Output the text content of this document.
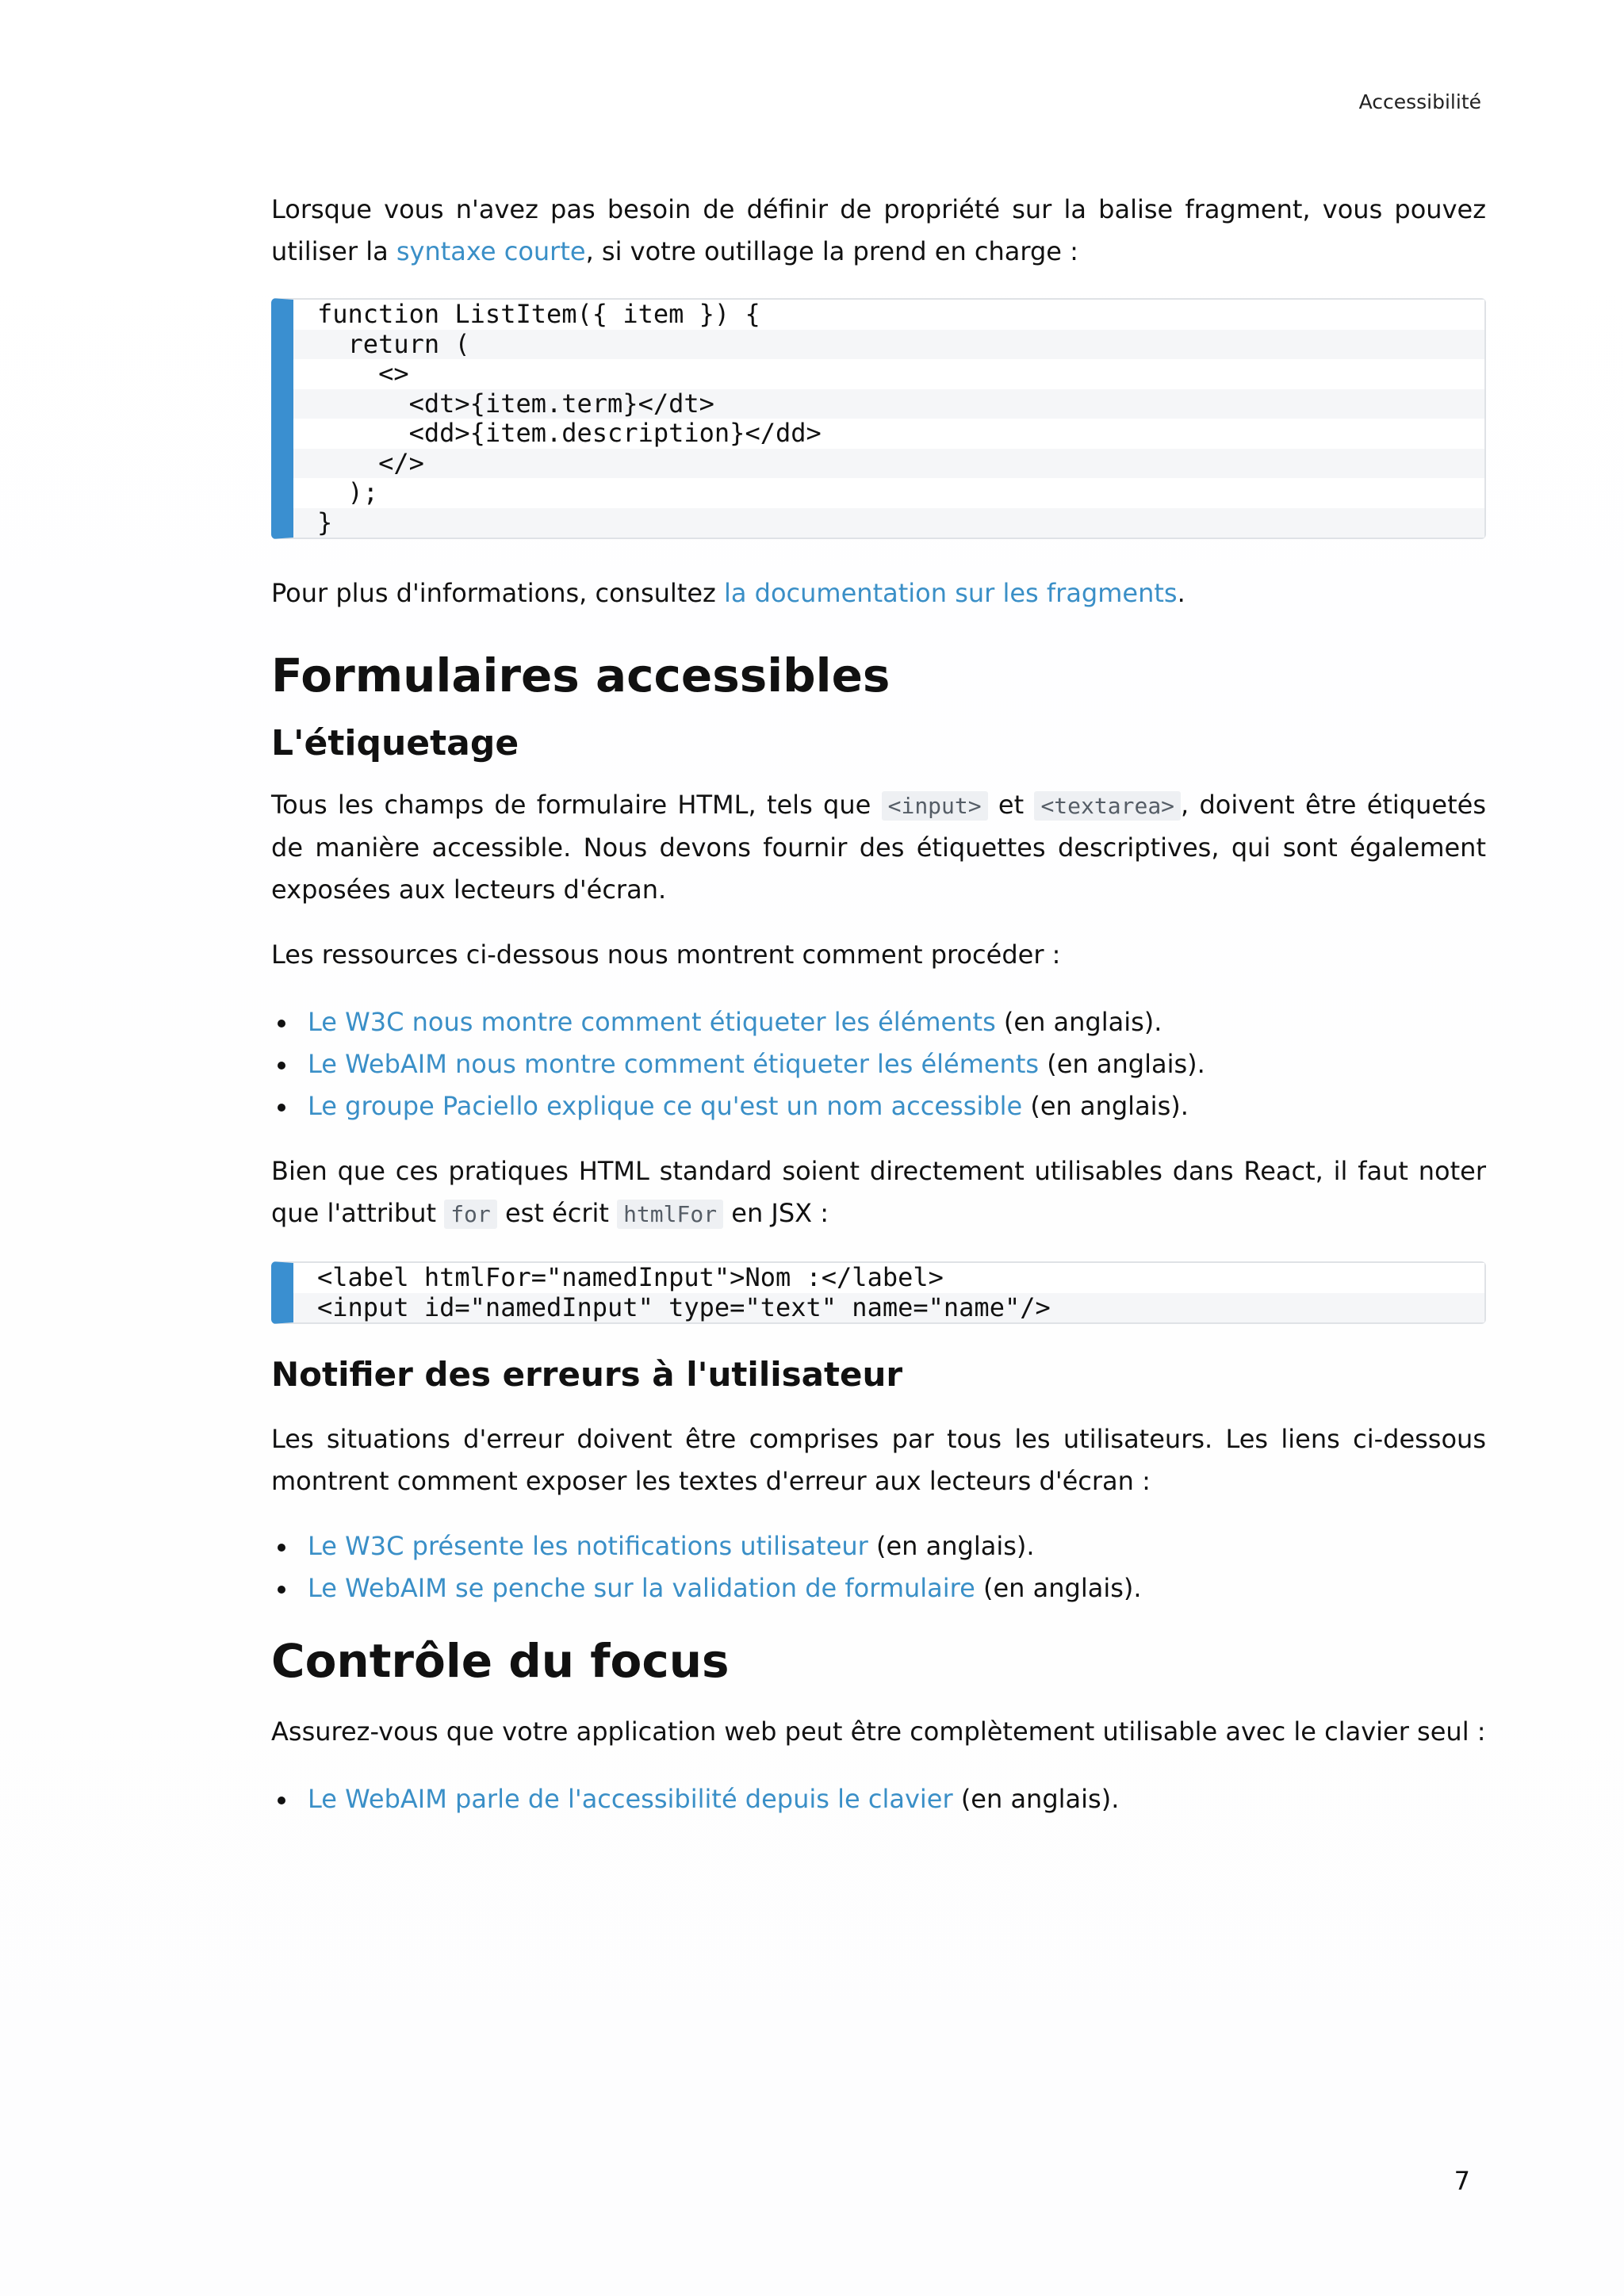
Accessibilité

Lorsque vous n'avez pas besoin de définir de propriété sur la balise fragment, vous pouvez utiliser la syntaxe courte, si votre outillage la prend en charge :

function ListItem({ item }) {
return (
<>
<dt>{item.term}</dt>
<dd>{item.description}</dd>
</>
);
}

Pour plus d'informations, consultez la documentation sur les fragments.

Formulaires accessibles
L'étiquetage

Tous les champs de formulaire HTML, tels que <input> et <textarea> , doivent être étiquetés de manière accessible. Nous devons fournir des étiquettes descriptives, qui sont également exposées aux lecteurs d'écran.

Les ressources ci-dessous nous montrent comment procéder :

Le W3C nous montre comment étiqueter les éléments (en anglais).
Le WebAIM nous montre comment étiqueter les éléments (en anglais).
Le groupe Paciello explique ce qu'est un nom accessible (en anglais).

Bien que ces pratiques HTML standard soient directement utilisables dans React, il faut noter que l'attribut for est écrit htmlFor en JSX :

<label htmlFor="namedInput">Nom :</label>
<input id="namedInput" type="text" name="name"/>
Notifier des erreurs à l'utilisateur

Les situations d'erreur doivent être comprises par tous les utilisateurs. Les liens ci-dessous montrent comment exposer les textes d'erreur aux lecteurs d'écran :

Le W3C présente les notifications utilisateur (en anglais).
Le WebAIM se penche sur la validation de formulaire (en anglais).
Contrôle du focus

Assurez-vous que votre application web peut être complètement utilisable avec le clavier seul :

Le WebAIM parle de l'accessibilité depuis le clavier (en anglais).
7
